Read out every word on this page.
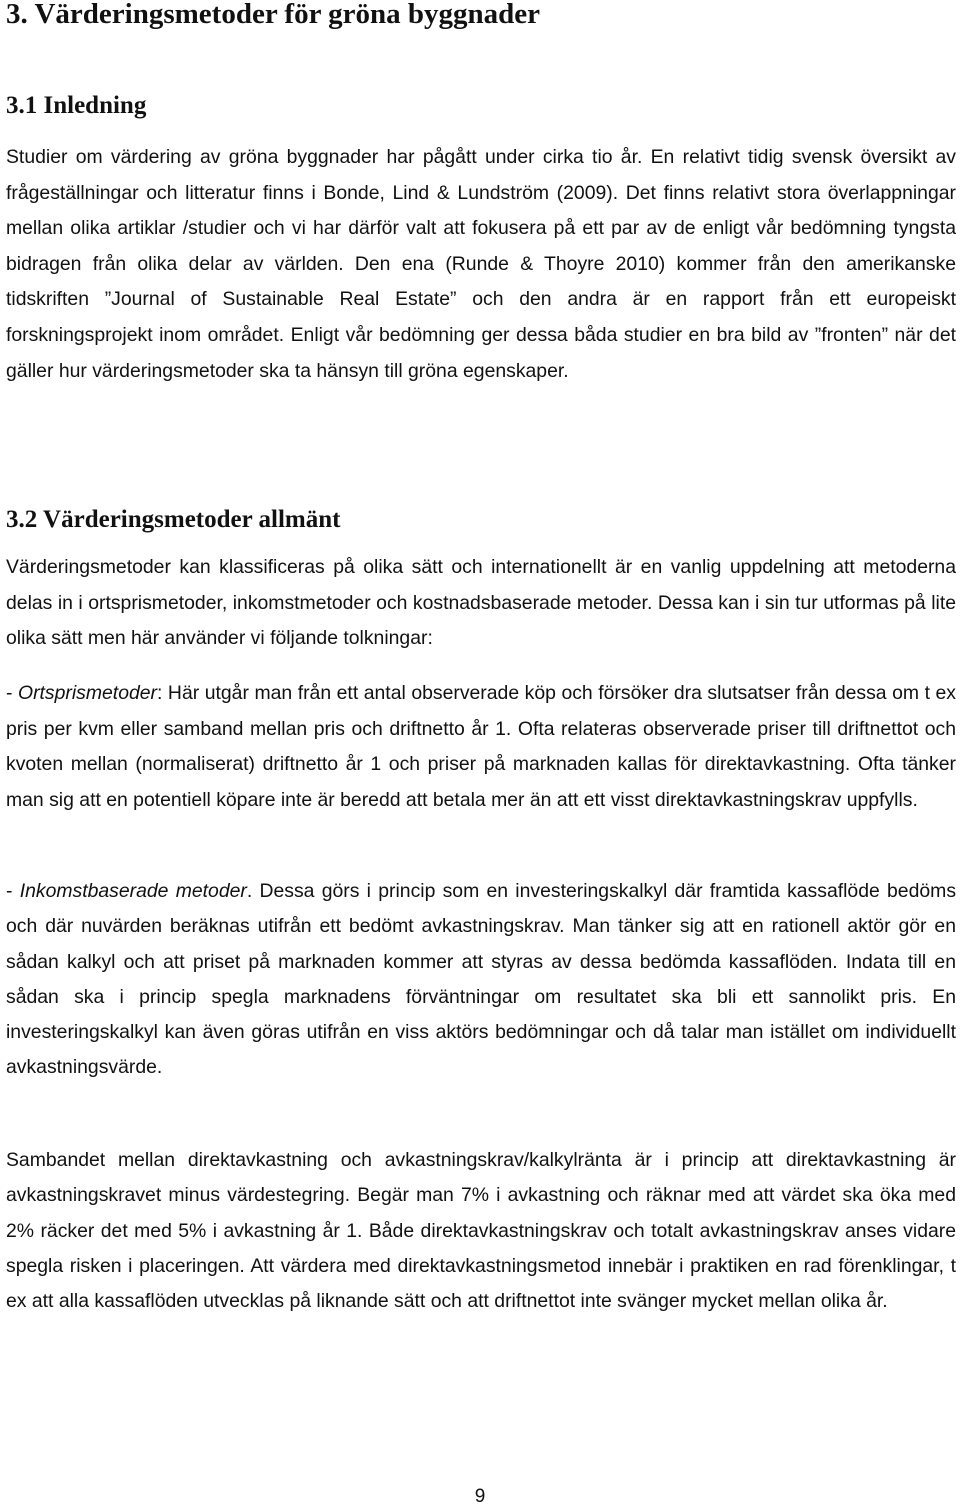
3. Värderingsmetoder för gröna byggnader
3.1 Inledning

Studier om värdering av gröna byggnader har pågått under cirka tio år. En relativt tidig svensk översikt av frågeställningar och litteratur finns i Bonde, Lind & Lundström (2009). Det finns relativt stora överlappningar mellan olika artiklar /studier och vi har därför valt att fokusera på ett par av de enligt vår bedömning tyngsta bidragen från olika delar av världen. Den ena (Runde & Thoyre 2010) kommer från den amerikanske tidskriften ”Journal of Sustainable Real Estate” och den andra är en rapport från ett europeiskt forskningsprojekt inom området. Enligt vår bedömning ger dessa båda studier en bra bild av ”fronten” när det gäller hur värderingsmetoder ska ta hänsyn till gröna egenskaper.

3.2 Värderingsmetoder allmänt

Värderingsmetoder kan klassificeras på olika sätt och internationellt är en vanlig uppdelning att metoderna delas in i ortsprismetoder, inkomstmetoder och kostnadsbaserade metoder. Dessa kan i sin tur utformas på lite olika sätt men här använder vi följande tolkningar:

- Ortsprismetoder: Här utgår man från ett antal observerade köp och försöker dra slutsatser från dessa om t ex pris per kvm eller samband mellan pris och driftnetto år 1. Ofta relateras observerade priser till driftnettot och kvoten mellan (normaliserat) driftnetto år 1 och priser på marknaden kallas för direktavkastning. Ofta tänker man sig att en potentiell köpare inte är beredd att betala mer än att ett visst direktavkastningskrav uppfylls.

- Inkomstbaserade metoder. Dessa görs i princip som en investeringskalkyl där framtida kassaflöde bedöms och där nuvärden beräknas utifrån ett bedömt avkastningskrav. Man tänker sig att en rationell aktör gör en sådan kalkyl och att priset på marknaden kommer att styras av dessa bedömda kassaflöden. Indata till en sådan ska i princip spegla marknadens förväntningar om resultatet ska bli ett sannolikt pris. En investeringskalkyl kan även göras utifrån en viss aktörs bedömningar och då talar man istället om individuellt avkastningsvärde.

Sambandet mellan direktavkastning och avkastningskrav/kalkylränta är i princip att direktavkastning är avkastningskravet minus värdestegring. Begär man 7% i avkastning och räknar med att värdet ska öka med 2% räcker det med 5% i avkastning år 1. Både direktavkastningskrav och totalt avkastningskrav anses vidare spegla risken i placeringen. Att värdera med direktavkastningsmetod innebär i praktiken en rad förenklingar, t ex att alla kassaflöden utvecklas på liknande sätt och att driftnettot inte svänger mycket mellan olika år.

9
